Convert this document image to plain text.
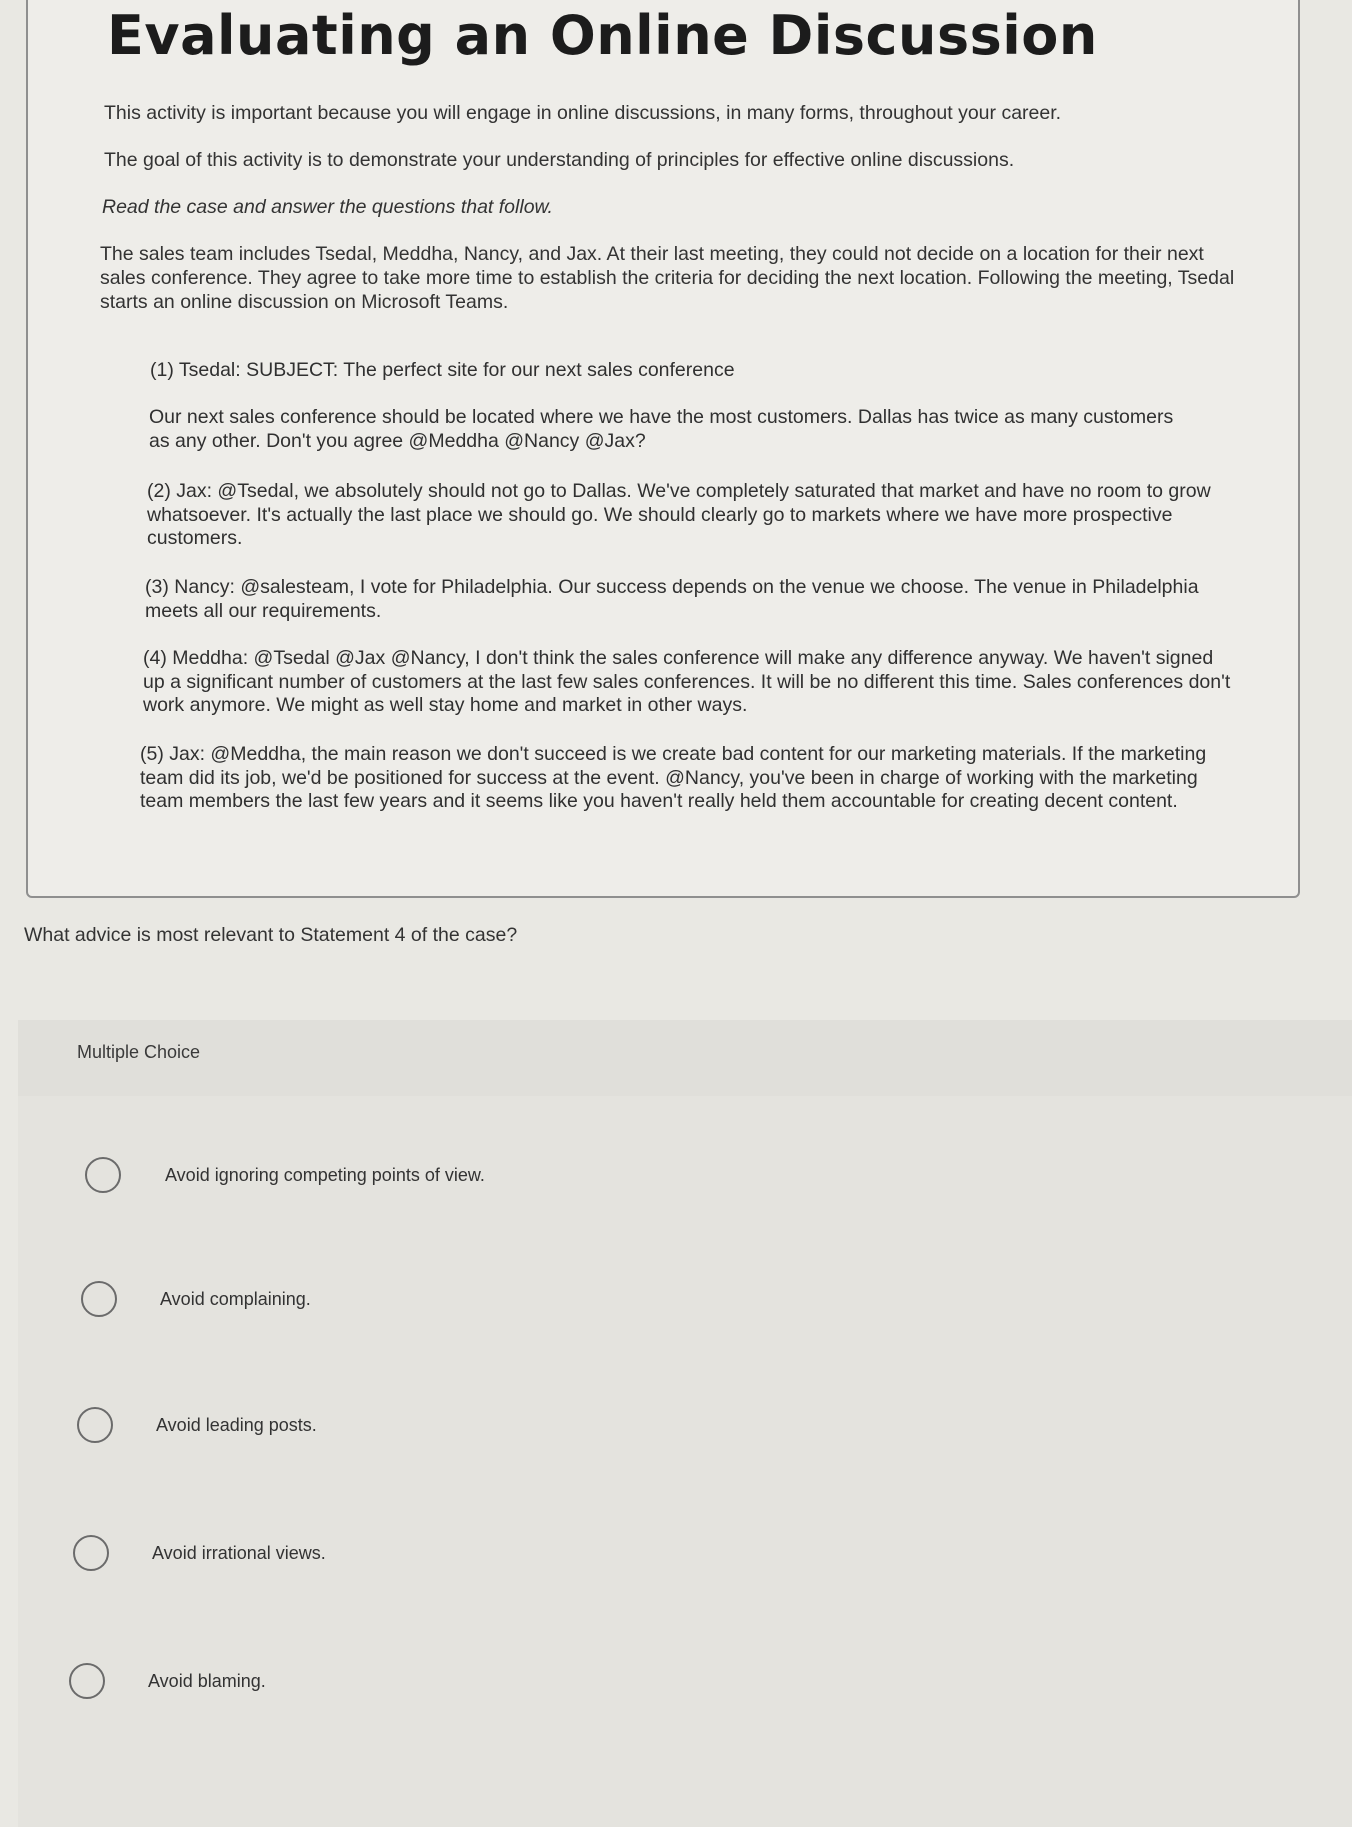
Evaluating an Online Discussion

This activity is important because you will engage in online discussions, in many forms, throughout your career.

The goal of this activity is to demonstrate your understanding of principles for effective online discussions.

Read the case and answer the questions that follow.

The sales team includes Tsedal, Meddha, Nancy, and Jax. At their last meeting, they could not decide on a location for their next sales conference. They agree to take more time to establish the criteria for deciding the next location. Following the meeting, Tsedal starts an online discussion on Microsoft Teams.

(1) Tsedal: SUBJECT: The perfect site for our next sales conference

Our next sales conference should be located where we have the most customers. Dallas has twice as many customers as any other. Don't you agree @Meddha @Nancy @Jax?

(2) Jax: @Tsedal, we absolutely should not go to Dallas. We've completely saturated that market and have no room to grow whatsoever. It's actually the last place we should go. We should clearly go to markets where we have more prospective customers.

(3) Nancy: @salesteam, I vote for Philadelphia. Our success depends on the venue we choose. The venue in Philadelphia meets all our requirements.

(4) Meddha: @Tsedal @Jax @Nancy, I don't think the sales conference will make any difference anyway. We haven't signed up a significant number of customers at the last few sales conferences. It will be no different this time. Sales conferences don't work anymore. We might as well stay home and market in other ways.

(5) Jax: @Meddha, the main reason we don't succeed is we create bad content for our marketing materials. If the marketing team did its job, we'd be positioned for success at the event. @Nancy, you've been in charge of working with the marketing team members the last few years and it seems like you haven't really held them accountable for creating decent content.

What advice is most relevant to Statement 4 of the case?

Multiple Choice
Avoid ignoring competing points of view.
Avoid complaining.
Avoid leading posts.
Avoid irrational views.
Avoid blaming.
